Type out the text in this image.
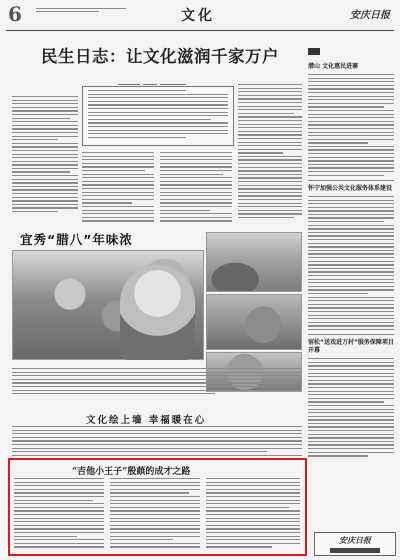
6	文化	安庆日报
民生日志：让文化滋润千家万户
宜秀“腊八”年味浓
文化绘上墙 幸福暖在心
“吉他小王子”殷蕻的成才之路

潜山 文化惠民进寨
怀宁加强公共文化服务体系建设
宿松“送戏进万村”服务保障项目开幕
安庆日报
